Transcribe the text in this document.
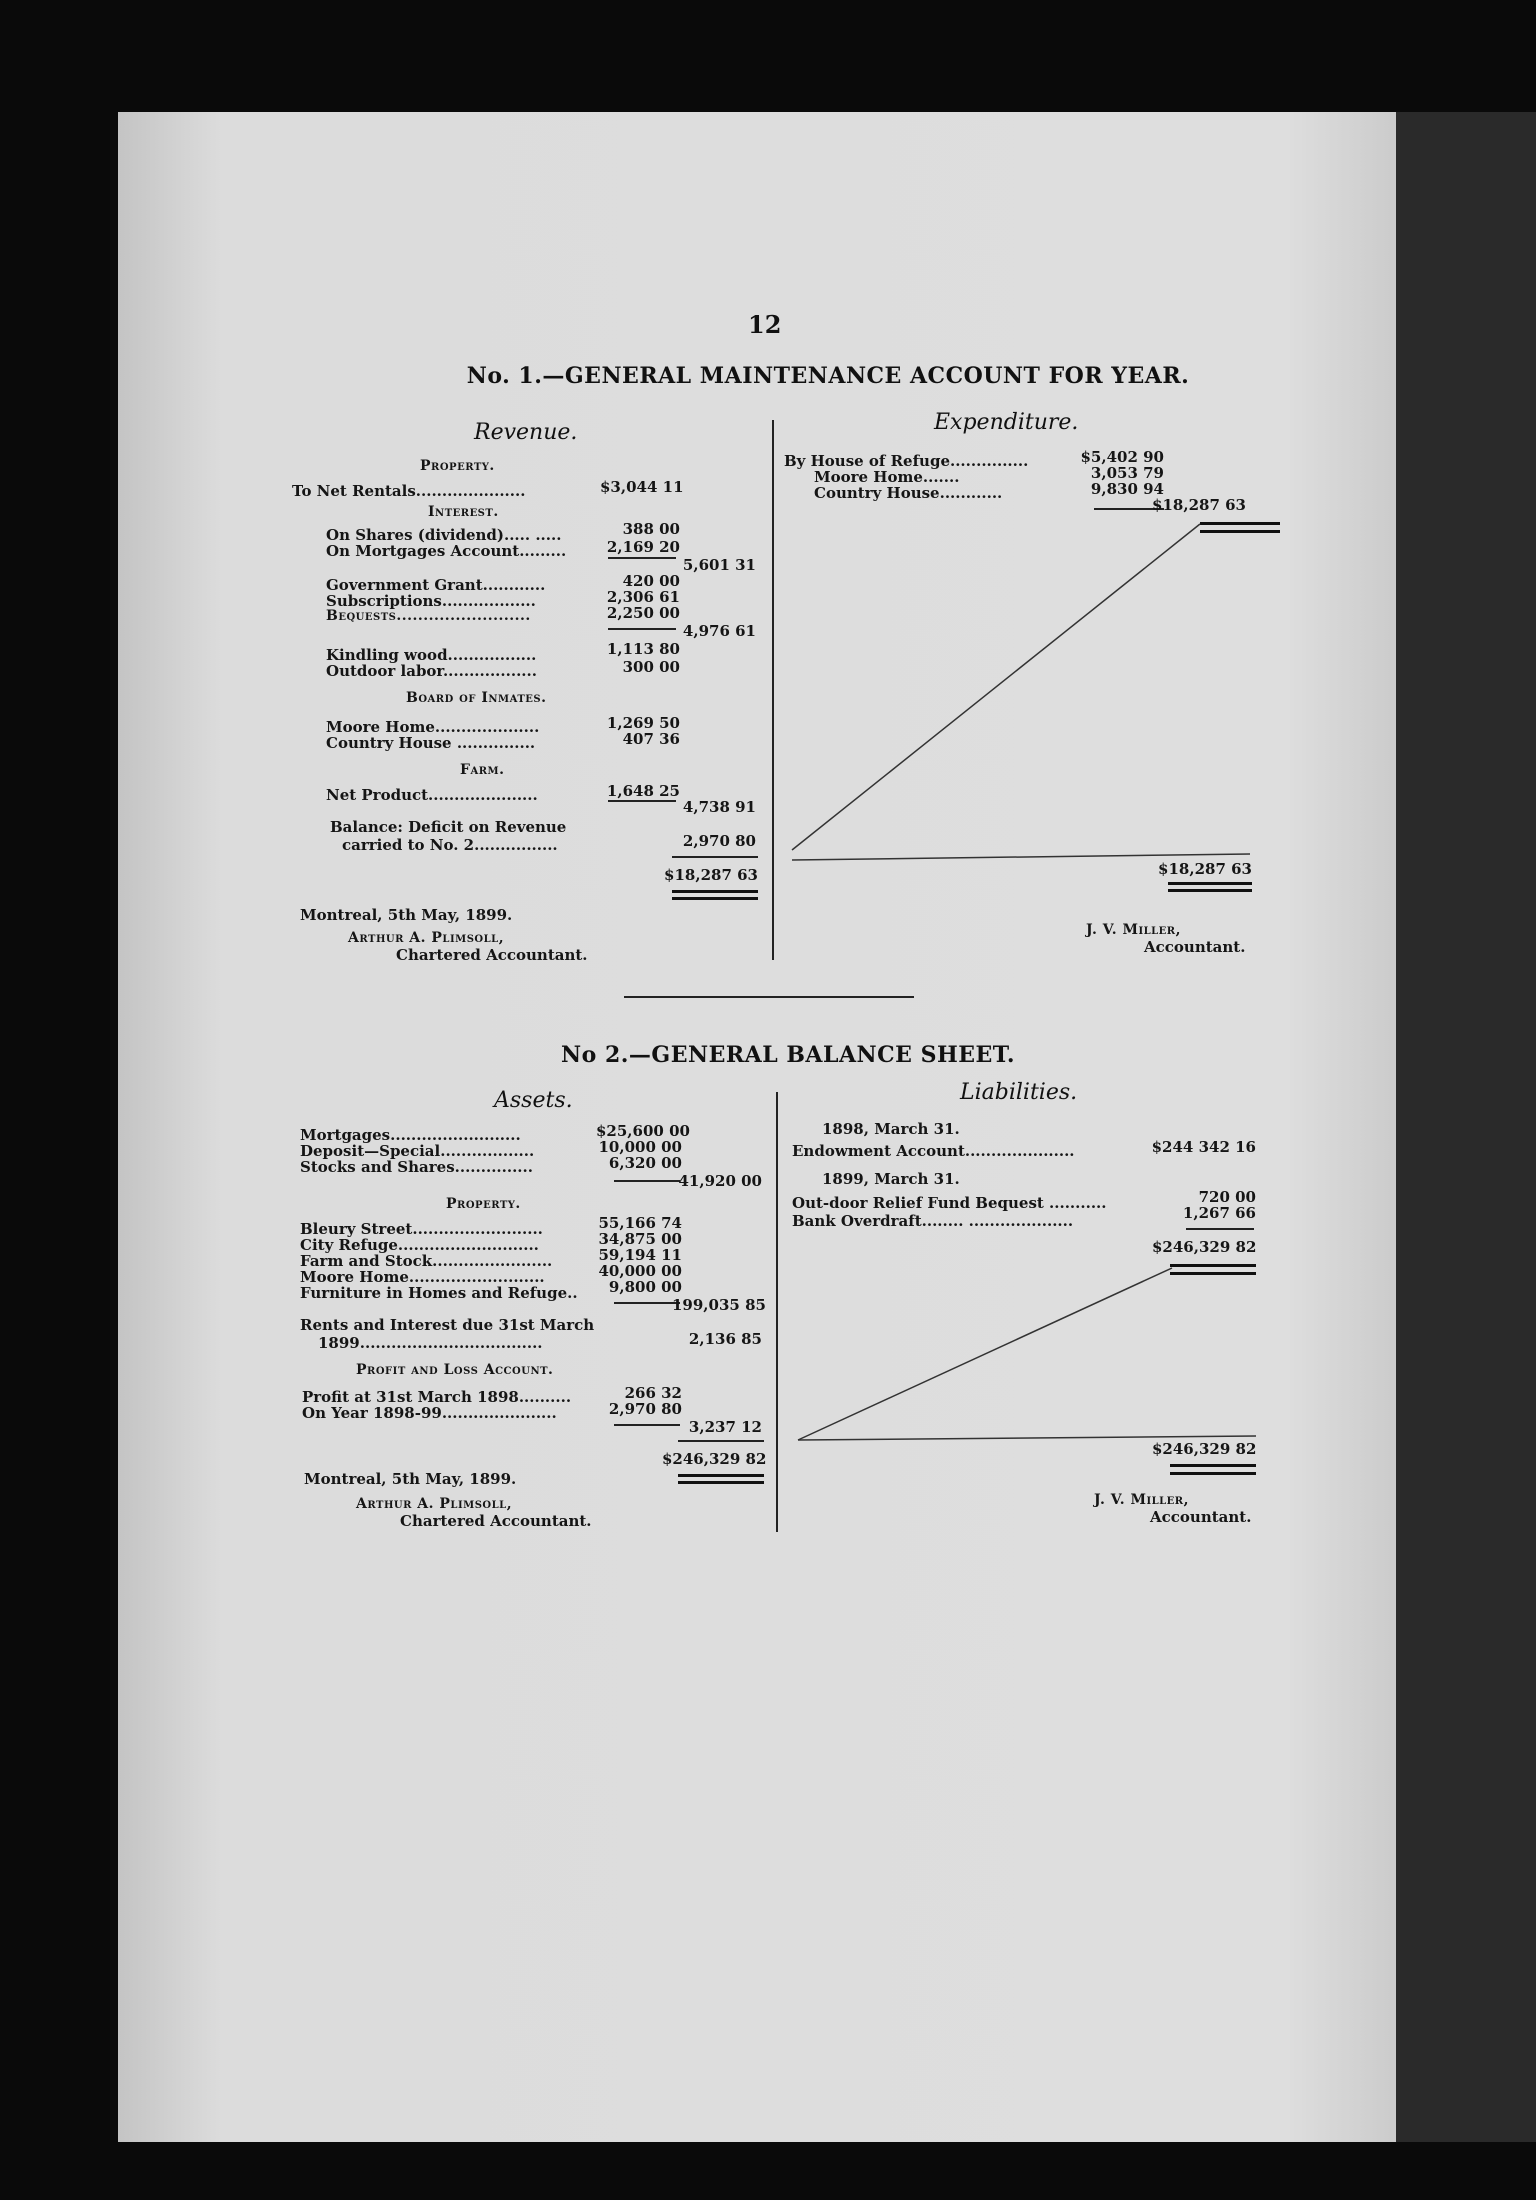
12
No. 1.—GENERAL MAINTENANCE ACCOUNT FOR YEAR.
Revenue.	Expenditure.
Property.
To Net Rentals.....................	$3,044 11
Interest.
On Shares (dividend)..... .....	388 00
On Mortgages Account.........	2,169 20
5,601 31
Government Grant............	420 00
Subscriptions..................	2,306 61
Bequests.........................	2,250 00
4,976 61
Kindling wood.................	1,113 80
Outdoor labor..................	300 00
Board of Inmates.
Moore Home....................	1,269 50
Country House ...............	407 36
Farm.
Net Product.....................	1,648 25
4,738 91
Balance: Deficit on Revenue
carried to No. 2................	2,970 80
$18,287 63
Montreal, 5th May, 1899.
Arthur A. Plimsoll,
Chartered Accountant.
By House of Refuge...............	$5,402 90
Moore Home.......	3,053 79
Country House............	9,830 94
$18,287 63
$18,287 63
J. V. Miller,
Accountant.
No 2.—GENERAL BALANCE SHEET.
Assets.	Liabilities.
Mortgages.........................	$25,600 00
Deposit—Special..................	10,000 00
Stocks and Shares...............	6,320 00
41,920 00
Property.
Bleury Street.........................	55,166 74
City Refuge...........................	34,875 00
Farm and Stock.......................	59,194 11
Moore Home..........................	40,000 00
Furniture in Homes and Refuge..	9,800 00
199,035 85
Rents and Interest due 31st March
1899...................................	2,136 85
Profit and Loss Account.
Profit at 31st March 1898..........	266 32
On Year 1898-99......................	2,970 80
3,237 12
$246,329 82
Montreal, 5th May, 1899.
Arthur A. Plimsoll,
Chartered Accountant.
1898, March 31.
Endowment Account.....................	$244 342 16
1899, March 31.
Out-door Relief Fund Bequest ...........	720 00
Bank Overdraft........ ....................	1,267 66
$246,329 82
$246,329 82
J. V. Miller,
Accountant.
